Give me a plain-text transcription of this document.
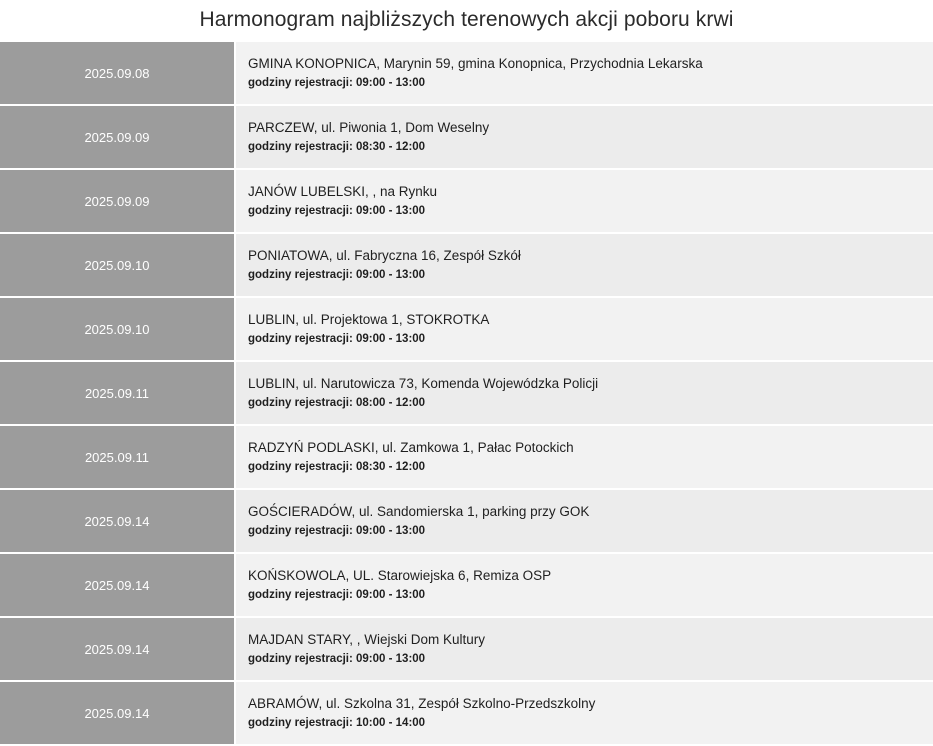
Harmonogram najbliższych terenowych akcji poboru krwi
2025.09.08	GMINA KONOPNICA, Marynin 59, gmina Konopnica, Przychodnia Lekarska
godziny rejestracji: 09:00 - 13:00

2025.09.09	PARCZEW, ul. Piwonia 1, Dom Weselny
godziny rejestracji: 08:30 - 12:00

2025.09.09	JANÓW LUBELSKI, , na Rynku
godziny rejestracji: 09:00 - 13:00

2025.09.10	PONIATOWA, ul. Fabryczna 16, Zespół Szkół
godziny rejestracji: 09:00 - 13:00

2025.09.10	LUBLIN, ul. Projektowa 1, STOKROTKA
godziny rejestracji: 09:00 - 13:00

2025.09.11	LUBLIN, ul. Narutowicza 73, Komenda Wojewódzka Policji
godziny rejestracji: 08:00 - 12:00

2025.09.11	RADZYŃ PODLASKI, ul. Zamkowa 1, Pałac Potockich
godziny rejestracji: 08:30 - 12:00

2025.09.14	GOŚCIERADÓW, ul. Sandomierska 1, parking przy GOK
godziny rejestracji: 09:00 - 13:00

2025.09.14	KOŃSKOWOLA, UL. Starowiejska 6, Remiza OSP
godziny rejestracji: 09:00 - 13:00

2025.09.14	MAJDAN STARY, , Wiejski Dom Kultury
godziny rejestracji: 09:00 - 13:00

2025.09.14	ABRAMÓW, ul. Szkolna 31, Zespół Szkolno-Przedszkolny
godziny rejestracji: 10:00 - 14:00
